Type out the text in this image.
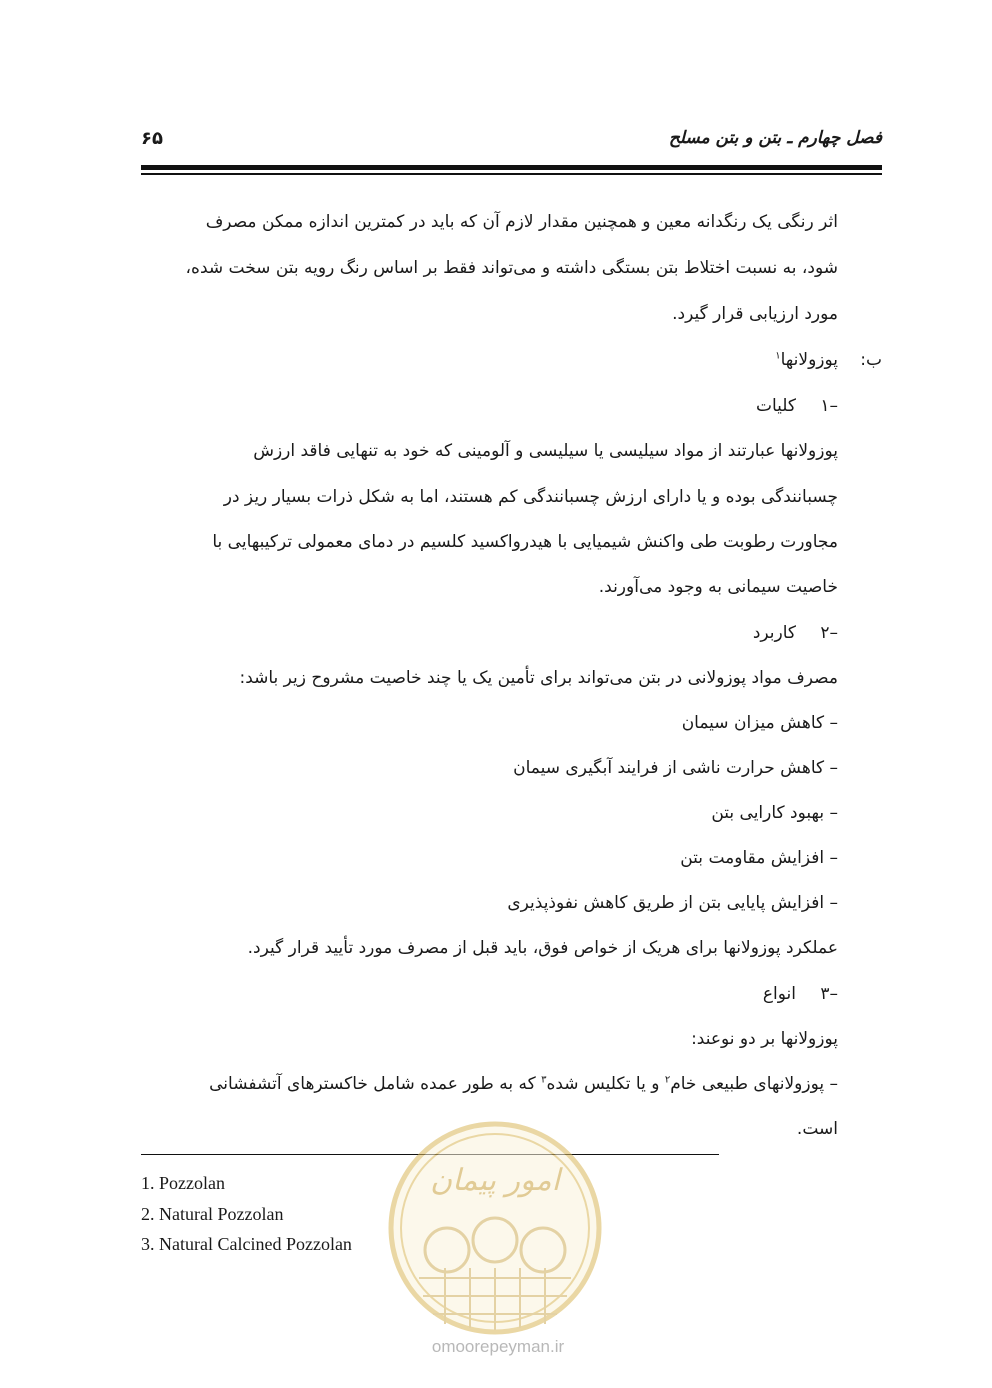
فصل چهارم ـ بتن و بتن مسلح
۶۵
اثر رنگی یک رنگدانه معین و همچنین مقدار لازم آن که باید در کمترین اندازه ممکن مصرف
شود، به نسبت اختلاط بتن بستگی داشته و می‌تواند فقط بر اساس رنگ رویه بتن سخت شده،
مورد ارزیابی قرار گیرد.
ب:
پوزولانها$^۱$
۱–
کلیات
پوزولانها عبارتند از مواد سیلیسی یا سیلیسی و آلومینی که خود به تنهایی فاقد ارزش
چسبانندگی بوده و یا دارای ارزش چسبانندگی کم هستند، اما به شکل ذرات بسیار ریز در
مجاورت رطوبت طی واکنش شیمیایی با هیدرواکسید کلسیم در دمای معمولی ترکیبهایی با
خاصیت سیمانی به وجود می‌آورند.
۲–
کاربرد
مصرف مواد پوزولانی در بتن می‌تواند برای تأمین یک یا چند خاصیت مشروح زیر باشد:
– کاهش میزان سیمان
– کاهش حرارت ناشی از فرایند آبگیری سیمان
– بهبود کارایی بتن
– افزایش مقاومت بتن
– افزایش پایایی بتن از طریق کاهش نفوذپذیری
عملکرد پوزولانها برای هریک از خواص فوق، باید قبل از مصرف مورد تأیید قرار گیرد.
۳–
انواع
پوزولانها بر دو نوعند:
– پوزولانهای طبیعی خام$^۲$ و یا تکلیس شده$^۳$ که به طور عمده شامل خاکسترهای آتشفشانی
است.
1. Pozzolan
2. Natural Pozzolan
3. Natural Calcined Pozzolan
امور پیمان
omoorepeyman.ir
